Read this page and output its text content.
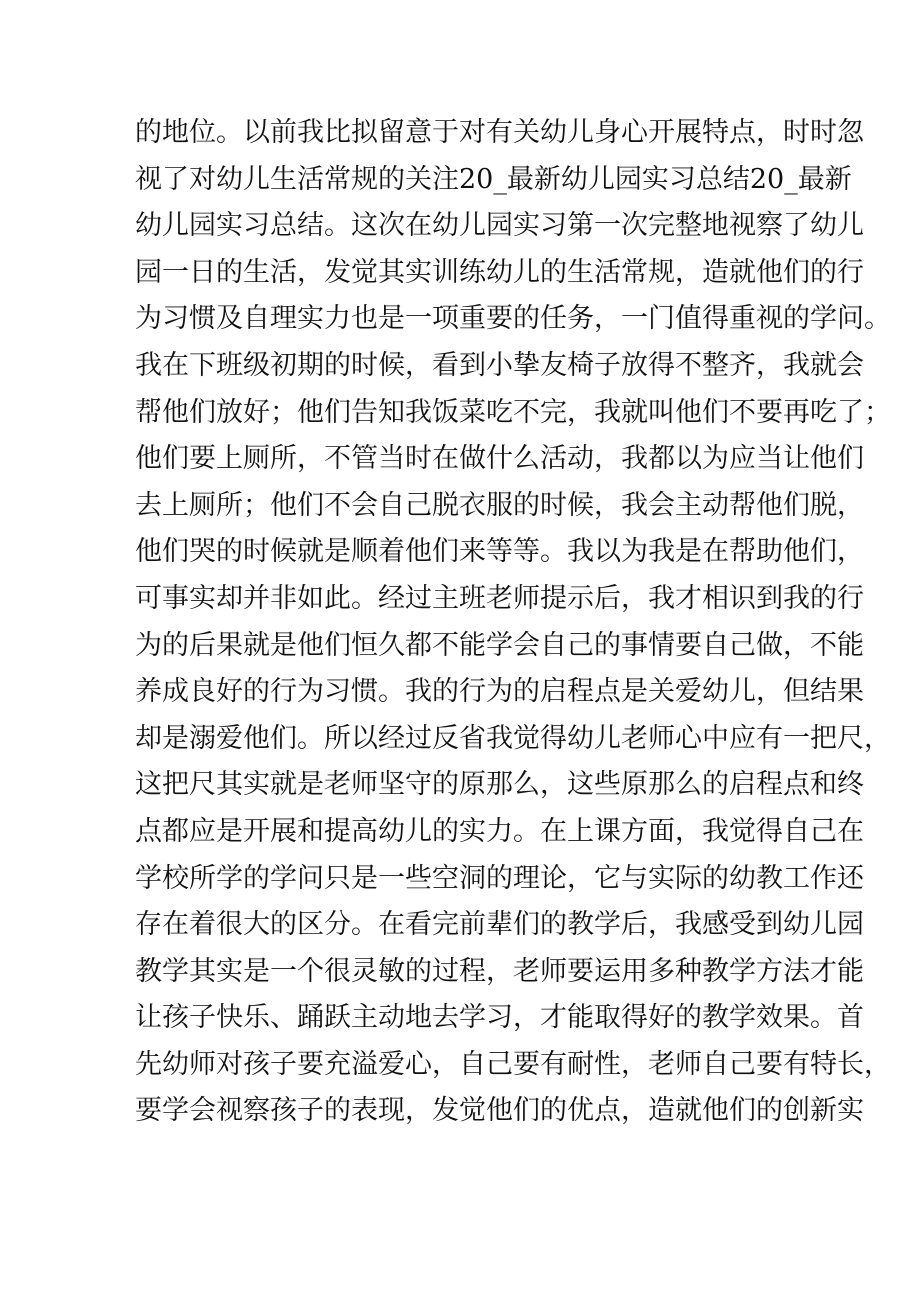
的地位。以前我比拟留意于对有关幼儿身心开展特点，时时忽
视了对幼儿生活常规的关注20_最新幼儿园实习总结20_最新
幼儿园实习总结。这次在幼儿园实习第一次完整地视察了幼儿
园一日的生活，发觉其实训练幼儿的生活常规，造就他们的行
为习惯及自理实力也是一项重要的任务，一门值得重视的学问。
我在下班级初期的时候，看到小挚友椅子放得不整齐，我就会
帮他们放好；他们告知我饭菜吃不完，我就叫他们不要再吃了；
他们要上厕所，不管当时在做什么活动，我都以为应当让他们
去上厕所；他们不会自己脱衣服的时候，我会主动帮他们脱，
他们哭的时候就是顺着他们来等等。我以为我是在帮助他们，
可事实却并非如此。经过主班老师提示后，我才相识到我的行
为的后果就是他们恒久都不能学会自己的事情要自己做，不能
养成良好的行为习惯。我的行为的启程点是关爱幼儿，但结果
却是溺爱他们。所以经过反省我觉得幼儿老师心中应有一把尺，
这把尺其实就是老师坚守的原那么，这些原那么的启程点和终
点都应是开展和提高幼儿的实力。在上课方面，我觉得自己在
学校所学的学问只是一些空洞的理论，它与实际的幼教工作还
存在着很大的区分。在看完前辈们的教学后，我感受到幼儿园
教学其实是一个很灵敏的过程，老师要运用多种教学方法才能
让孩子快乐、踊跃主动地去学习，才能取得好的教学效果。首
先幼师对孩子要充溢爱心，自己要有耐性，老师自己要有特长，
要学会视察孩子的表现，发觉他们的优点，造就他们的创新实
